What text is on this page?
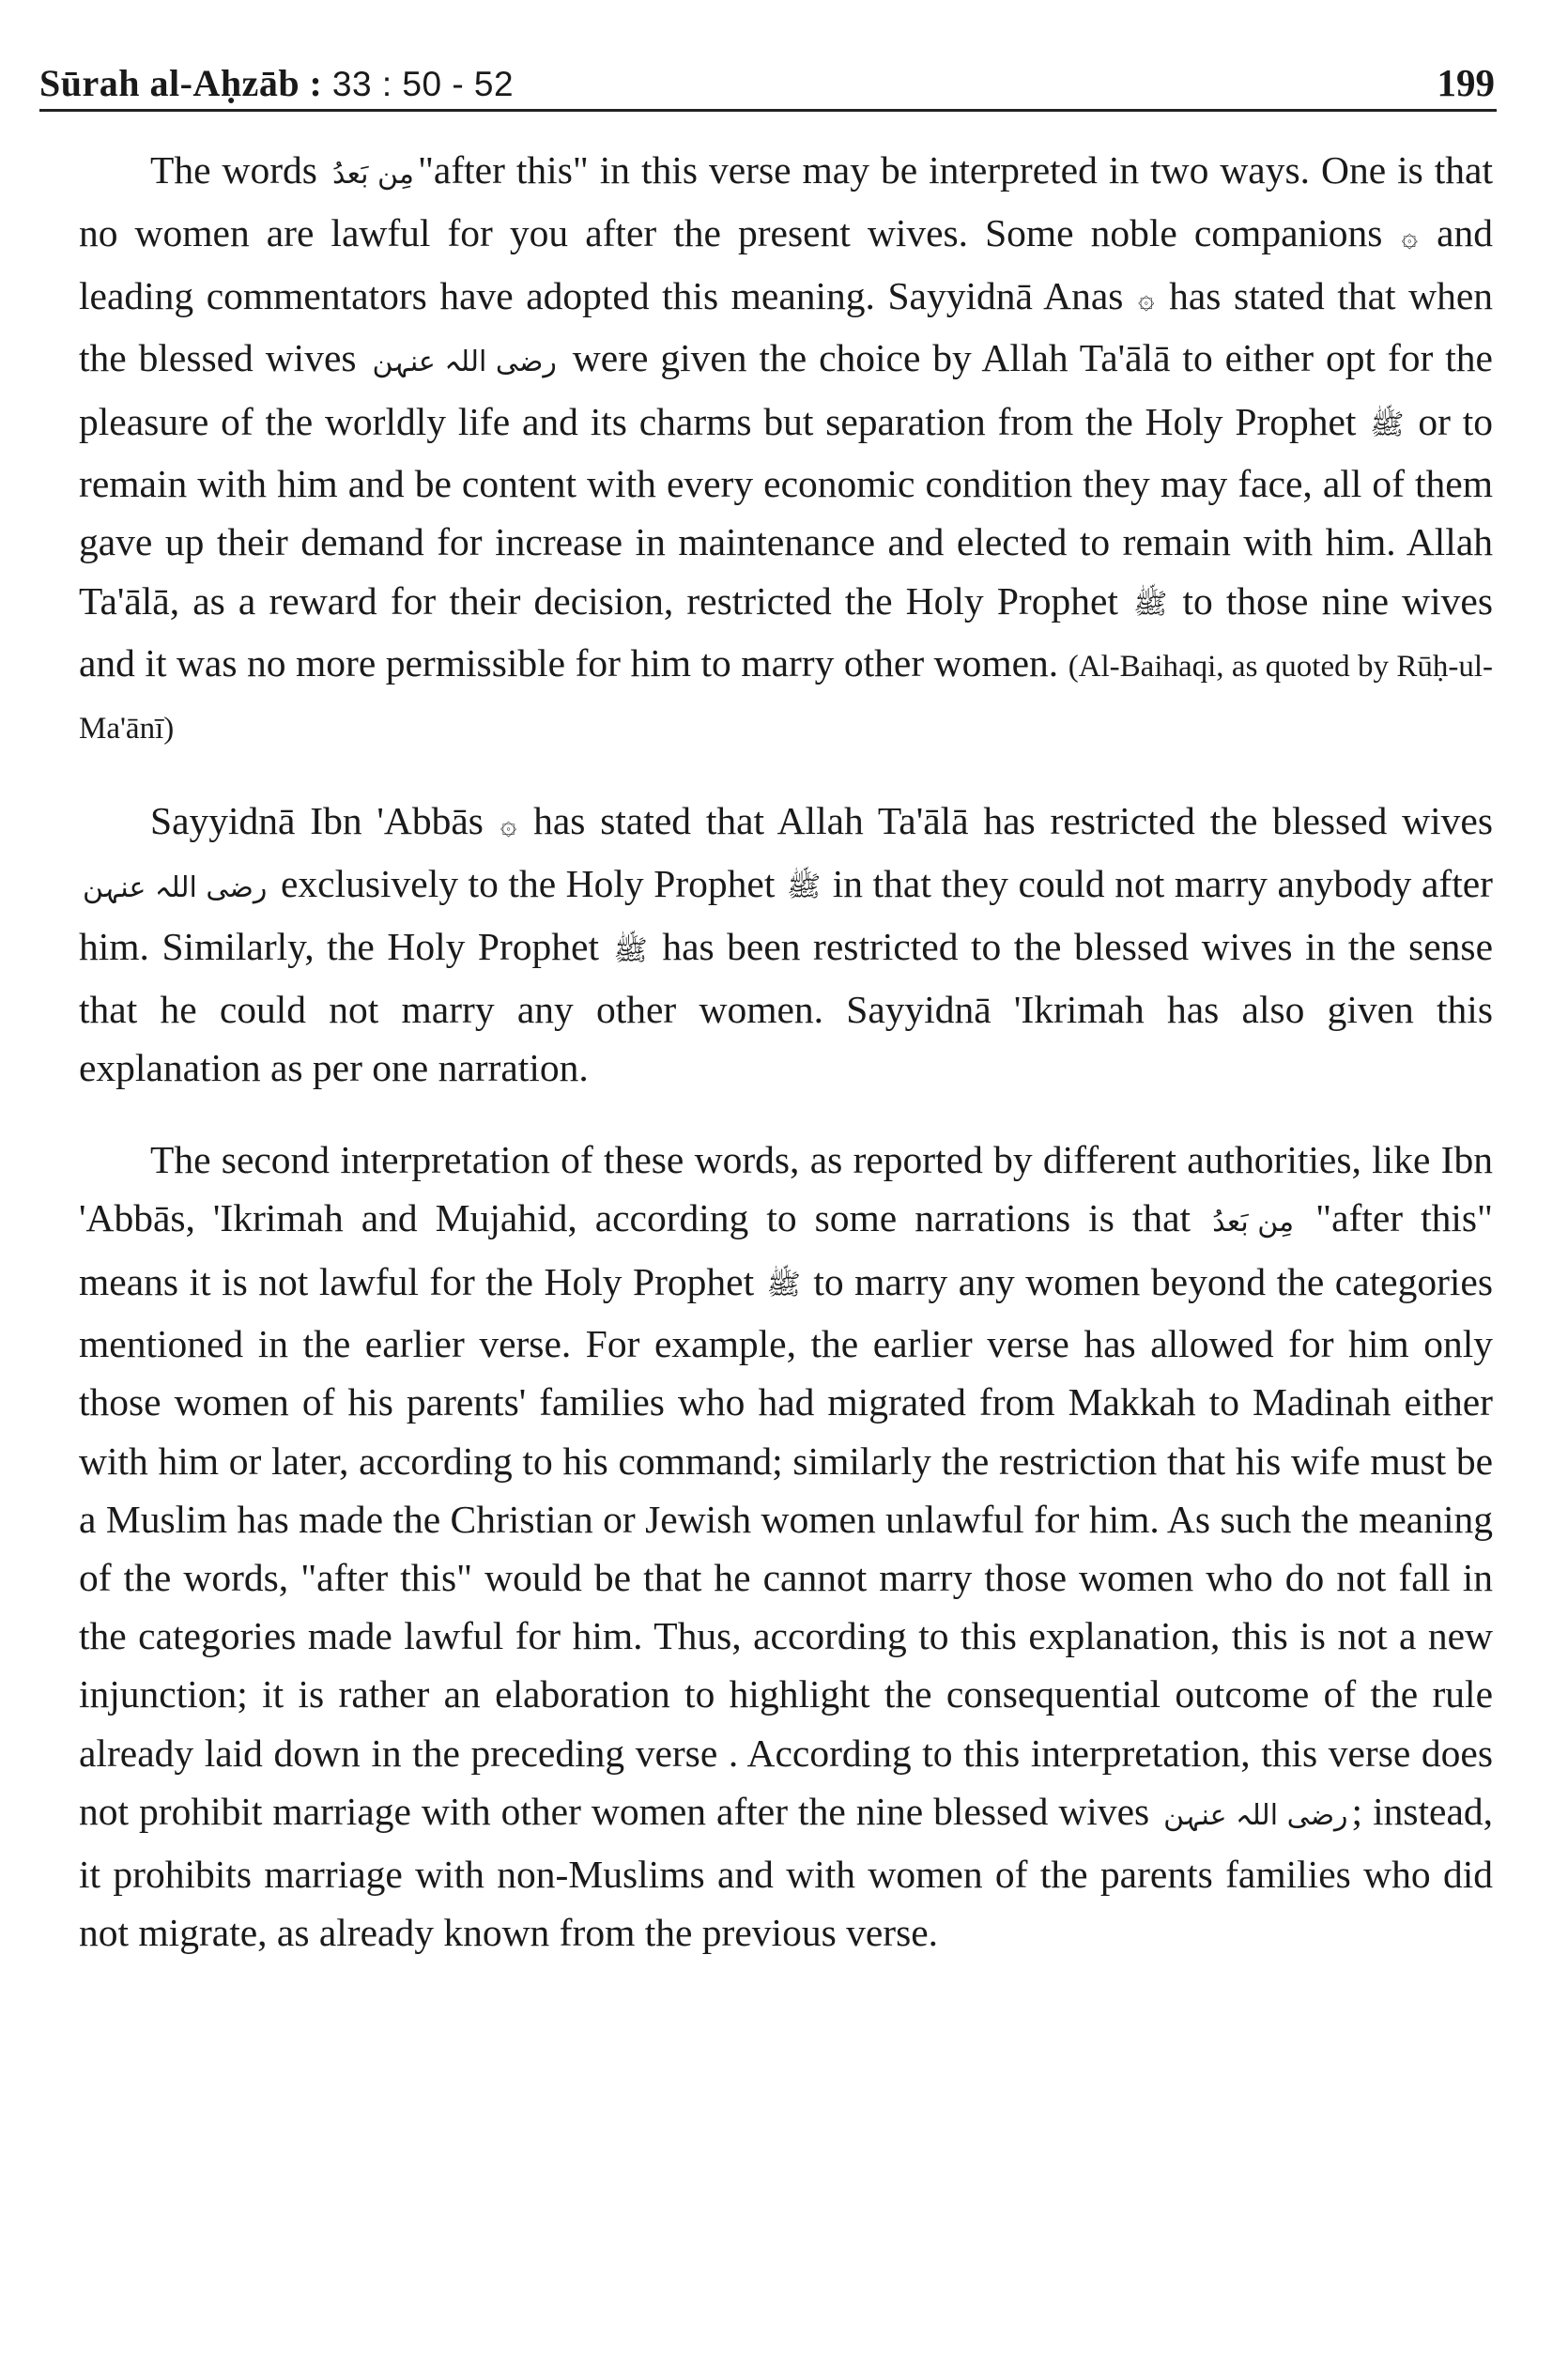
Sūrah al-Aḥzāb : 33 : 50 - 52	199

The words مِن بَعدُ"after this" in this verse may be interpreted in two ways. One is that no women are lawful for you after the present wives. Some noble companions ۞ and leading commentators have adopted this meaning. Sayyidnā Anas ۞ has stated that when the blessed wives رضی اللہ عنہن were given the choice by Allah Ta'ālā to either opt for the pleasure of the worldly life and its charms but separation from the Holy Prophet ﷺ or to remain with him and be content with every economic condition they may face, all of them gave up their demand for increase in maintenance and elected to remain with him. Allah Ta'ālā, as a reward for their decision, restricted the Holy Prophet ﷺ to those nine wives and it was no more permissible for him to marry other women. (Al-Baihaqi, as quoted by Rūḥ-ul- Ma'ānī)

Sayyidnā Ibn 'Abbās ۞ has stated that Allah Ta'ālā has restricted the blessed wives رضی اللہ عنہن exclusively to the Holy Prophet ﷺ in that they could not marry anybody after him. Similarly, the Holy Prophet ﷺ has been restricted to the blessed wives in the sense that he could not marry any other women. Sayyidnā 'Ikrimah has also given this explanation as per one narration.

The second interpretation of these words, as reported by different authorities, like Ibn 'Abbās, 'Ikrimah and Mujahid, according to some narrations is that مِن بَعدُ "after this" means it is not lawful for the Holy Prophet ﷺ to marry any women beyond the categories mentioned in the earlier verse. For example, the earlier verse has allowed for him only those women of his parents' families who had migrated from Makkah to Madinah either with him or later, according to his command; similarly the restriction that his wife must be a Muslim has made the Christian or Jewish women unlawful for him. As such the meaning of the words, "after this" would be that he cannot marry those women who do not fall in the categories made lawful for him. Thus, according to this explanation, this is not a new injunction; it is rather an elaboration to highlight the consequential outcome of the rule already laid down in the preceding verse . According to this interpretation, this verse does not prohibit marriage with other women after the nine blessed wives رضی اللہ عنہن; instead, it prohibits marriage with non-Muslims and with women of the parents families who did not migrate, as already known from the previous verse.
